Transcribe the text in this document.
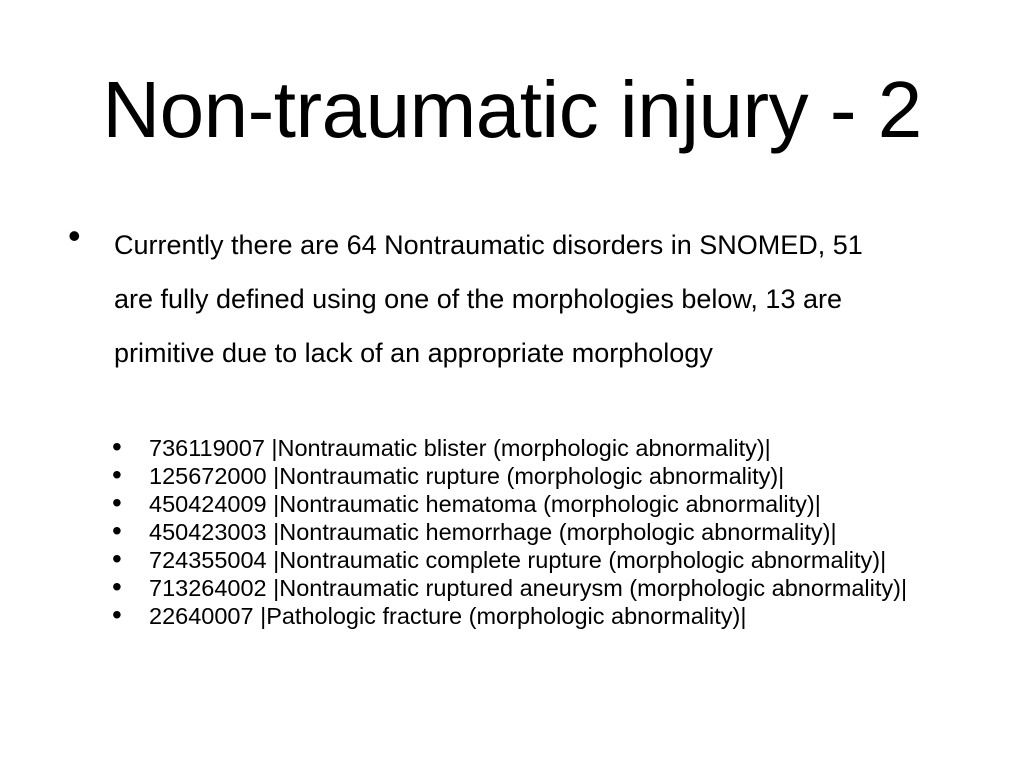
Non-traumatic injury - 2
• Currently there are 64 Nontraumatic disorders in SNOMED, 51 are fully defined using one of the morphologies below, 13 are primitive due to lack of an appropriate morphology

• 736119007 |Nontraumatic blister (morphologic abnormality)|
• 125672000 |Nontraumatic rupture (morphologic abnormality)|
• 450424009 |Nontraumatic hematoma (morphologic abnormality)|
• 450423003 |Nontraumatic hemorrhage (morphologic abnormality)|
• 724355004 |Nontraumatic complete rupture (morphologic abnormality)|
• 713264002 |Nontraumatic ruptured aneurysm (morphologic abnormality)|
• 22640007 |Pathologic fracture (morphologic abnormality)|
